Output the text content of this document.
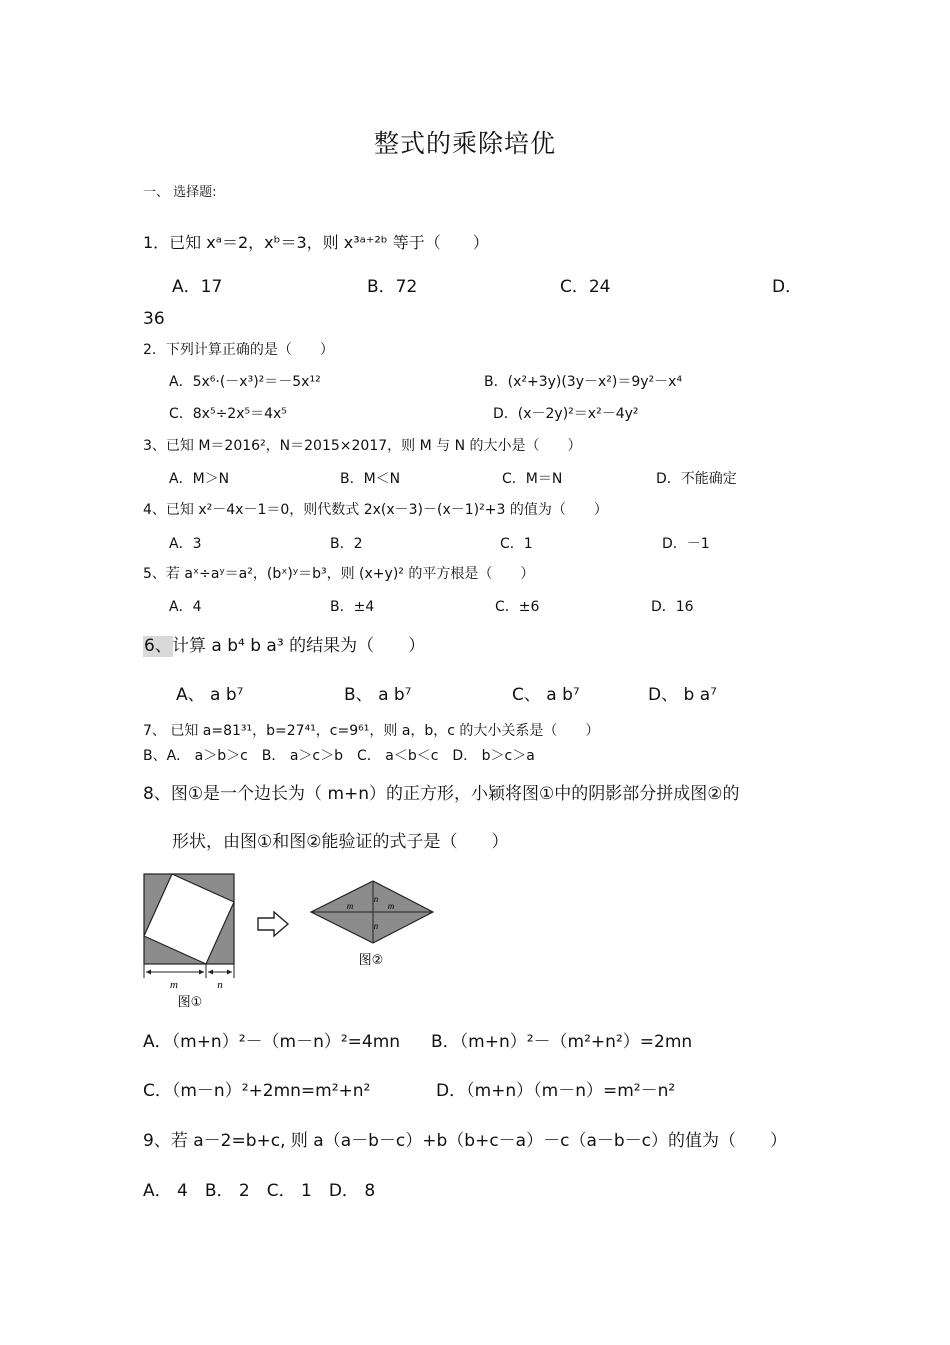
整式的乘除培优
一、 选择题:
1．已知 xᵃ＝2，xᵇ＝3，则 x³ᵃ⁺²ᵇ 等于（　　）
A．17	B．72	C．24	D．
36
2．下列计算正确的是（　　）
A．5x⁶·(－x³)²＝－5x¹²	B．(x²+3y)(3y－x²)＝9y²－x⁴
C．8x⁵÷2x⁵＝4x⁵	D．(x－2y)²＝x²－4y²
3、已知 M＝2016²，N＝2015×2017，则 M 与 N 的大小是（　　）
A．M＞N	B．M＜N	C．M＝N	D．不能确定
4、已知 x²－4x－1＝0，则代数式 2x(x－3)－(x－1)²+3 的值为（　　）
A．3	B．2	C．1	D．－1
5、若 aˣ÷aʸ＝a²，(bˣ)ʸ＝b³，则 (x+y)² 的平方根是（　　）
A．4	B．±4	C．±6	D．16
6、 计算 a b⁴ b a³ 的结果为（　　）
A、 a b⁷	B、 a b⁷	C、 a b⁷	D、 b a⁷
7、 已知 a=81³¹，b=27⁴¹，c=9⁶¹，则 a，b，c 的大小关系是（　　）
B、A． a＞b＞c　B． a＞c＞b　C． a＜b＜c　D． b＞c＞a
8、图①是一个边长为（ m+n）的正方形，小颖将图①中的阴影部分拼成图②的
形状，由图①和图②能验证的式子是（　　）
m	n
图①
m
n
m
n
图②
A．（m+n）²－（m－n）²=4mn B．（m+n）²－（m²+n²）=2mn
C．（m－n）²+2mn=m²+n²	D．（m+n）（m－n）=m²－n²
9、若 a－2=b+c, 则 a（a－b－c）+b（b+c－a）－c（a－b－c）的值为（　　）
A． 4　B． 2　C． 1　D． 8
